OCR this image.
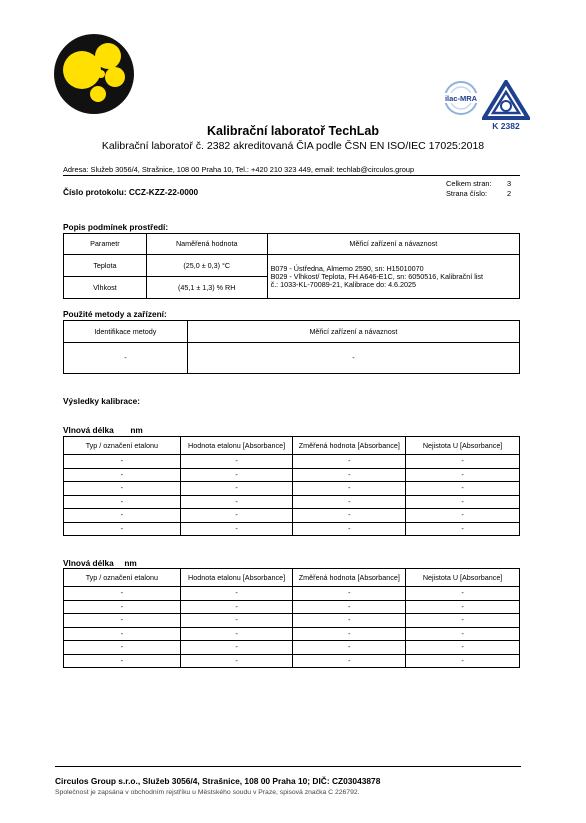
ilac-MRA
K 2382
Kalibrační laboratoř TechLab
Kalibrační laboratoř č. 2382 akreditovaná ČIA podle ČSN EN ISO/IEC 17025:2018
Adresa: Služeb 3056/4, Strašnice, 108 00 Praha 10, Tel.: +420 210 323 449, email: techlab@circulos.group
Číslo protokolu: CCZ-KZZ-22-0000
Celkem stran: 3
Strana číslo:	2
Popis podmínek prostředí:
Parametr	Naměřená hodnota	Měřicí zařízení a návaznost
Teplota	(25,0 ± 0,3) °C	B079 - Ústředna, Almemo 2590, sn: H15010070
B029 - Vlhkost/ Teplota, FH A646-E1C, sn: 6050516, Kalibrační list
č.: 1033-KL-70089-21, Kalibrace do: 4.6.2025

Vlhkost	(45,1 ± 1,3) % RH	
Použité metody a zařízení:
Identifikace metody	Měřicí zařízení a návaznost
-	-
Výsledky kalibrace:
Vlnová délka nm
Typ / označení etalonu	Hodnota etalonu [Absorbance]	Změřená hodnota [Absorbance]	Nejistota U [Absorbance]
-	-	-	-
-	-	-	-
-	-	-	-
-	-	-	-
-	-	-	-
-	-	-	-
Vlnová délka nm
Typ / označení etalonu	Hodnota etalonu [Absorbance]	Změřená hodnota [Absorbance]	Nejistota U [Absorbance]
-	-	-	-
-	-	-	-
-	-	-	-
-	-	-	-
-	-	-	-
-	-	-	-
Circulos Group s.r.o., Služeb 3056/4, Strašnice, 108 00 Praha 10; DIČ: CZ03043878
Společnost je zapsána v obchodním rejstříku u Městského soudu v Praze, spisová značka C 226792.
